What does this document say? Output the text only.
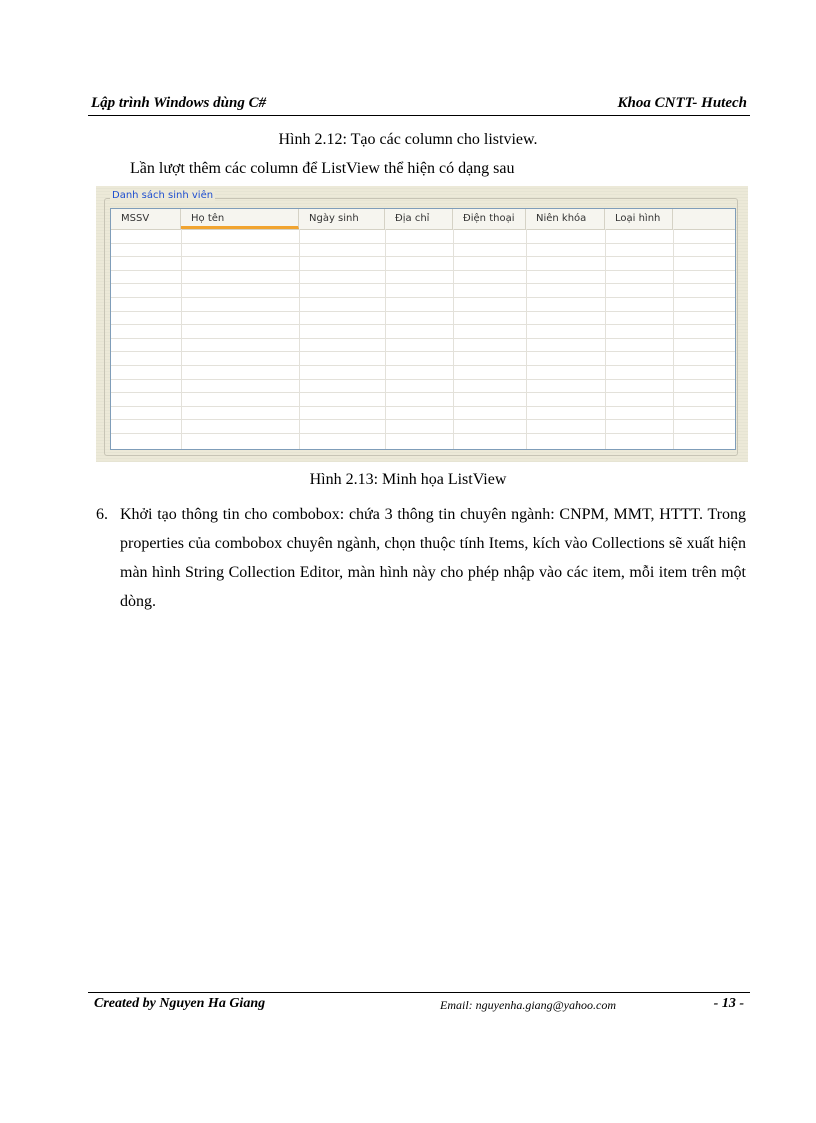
Lập trình Windows dùng C#	Khoa CNTT- Hutech
Hình 2.12: Tạo các column cho listview.
Lần lượt thêm các column để ListView thể hiện có dạng sau
Danh sách sinh viên
MSSV	Họ tên	Ngày sinh	Địa chỉ	Điện thoại	Niên khóa	Loại hình
Hình 2.13: Minh họa ListView
6. Khởi tạo thông tin cho combobox: chứa 3 thông tin chuyên ngành: CNPM, MMT, HTTT. Trong properties của combobox chuyên ngành, chọn thuộc tính Items, kích vào Collections sẽ xuất hiện màn hình String Collection Editor, màn hình này cho phép nhập vào các item, mỗi item trên một dòng.
Created by Nguyen Ha Giang	Email: nguyenha.giang@yahoo.com	- 13 -
